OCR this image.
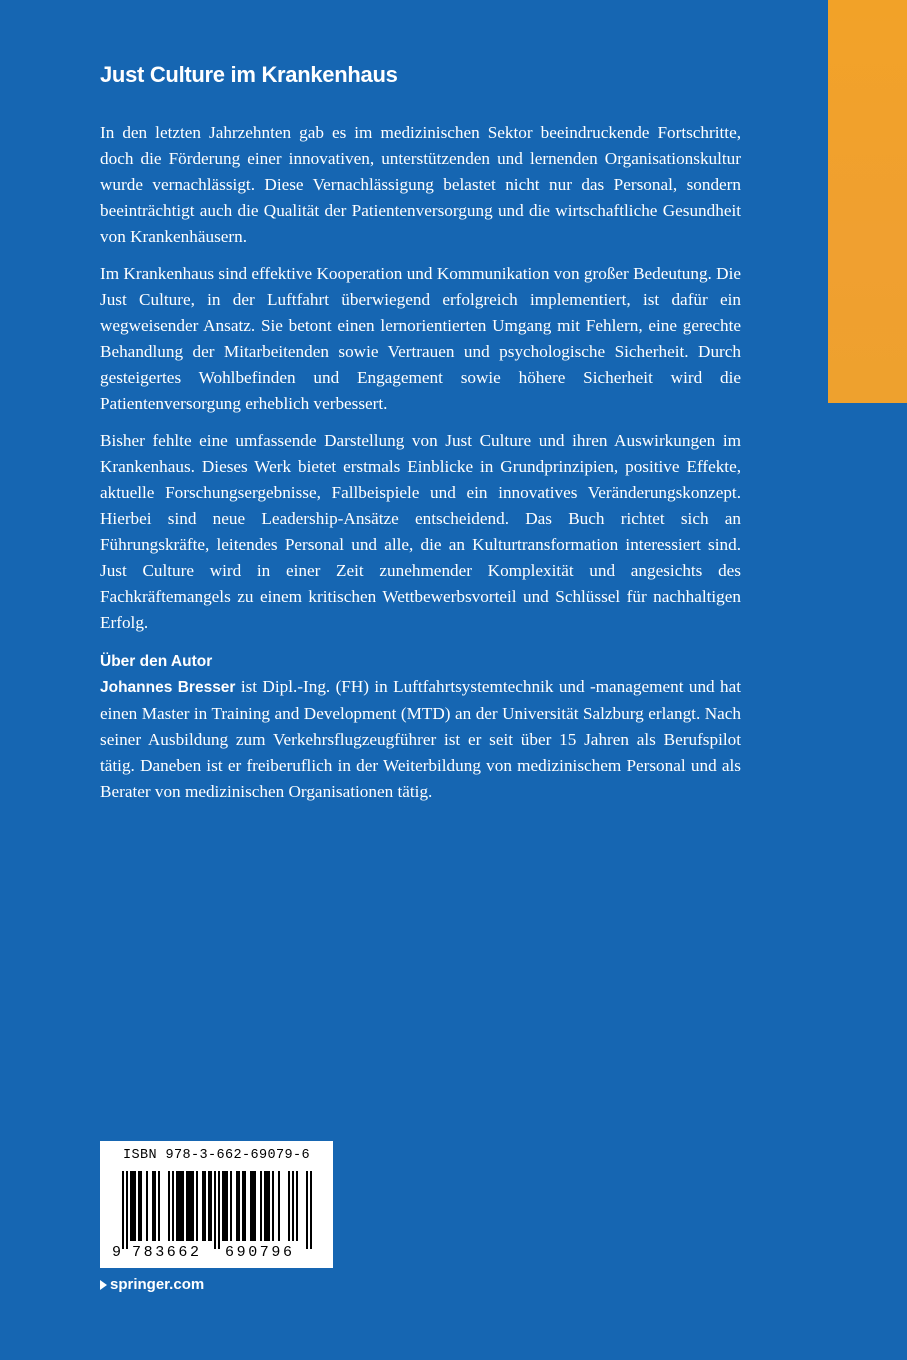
Just Culture im Krankenhaus

In den letzten Jahrzehnten gab es im medizinischen Sektor beeindruckende Fortschritte, doch die Förderung einer innovativen, unterstützenden und lernenden Organisationskultur wurde vernachlässigt. Diese Vernachlässigung belastet nicht nur das Personal, sondern beeinträchtigt auch die Qualität der Patientenversorgung und die wirtschaftliche Gesundheit von Krankenhäusern.

Im Krankenhaus sind effektive Kooperation und Kommunikation von großer Bedeutung. Die Just Culture, in der Luftfahrt überwiegend erfolgreich implementiert, ist dafür ein wegweisender Ansatz. Sie betont einen lernorientierten Umgang mit Fehlern, eine gerechte Behandlung der Mitarbeitenden sowie Vertrauen und psychologische Sicherheit. Durch gesteigertes Wohlbefinden und Engagement sowie höhere Sicherheit wird die Patientenversorgung erheblich verbessert.

Bisher fehlte eine umfassende Darstellung von Just Culture und ihren Auswirkungen im Krankenhaus. Dieses Werk bietet erstmals Einblicke in Grundprinzipien, positive Effekte, aktuelle Forschungsergebnisse, Fallbeispiele und ein innovatives Veränderungskonzept. Hierbei sind neue Leadership-Ansätze entscheidend. Das Buch richtet sich an Führungskräfte, leitendes Personal und alle, die an Kulturtransformation interessiert sind. Just Culture wird in einer Zeit zunehmender Komplexität und angesichts des Fachkräftemangels zu einem kritischen Wettbewerbsvorteil und Schlüssel für nachhaltigen Erfolg.

Über den Autor

Johannes Bresser ist Dipl.-Ing. (FH) in Luftfahrtsystemtechnik und -management und hat einen Master in Training and Development (MTD) an der Universität Salzburg erlangt. Nach seiner Ausbildung zum Verkehrsflugzeugführer ist er seit über 15 Jahren als Berufspilot tätig. Daneben ist er freiberuflich in der Weiterbildung von medizinischem Personal und als Berater von medizinischen Organisationen tätig.

ISBN 978-3-662-69079-6
9 783662 690796
springer.com
